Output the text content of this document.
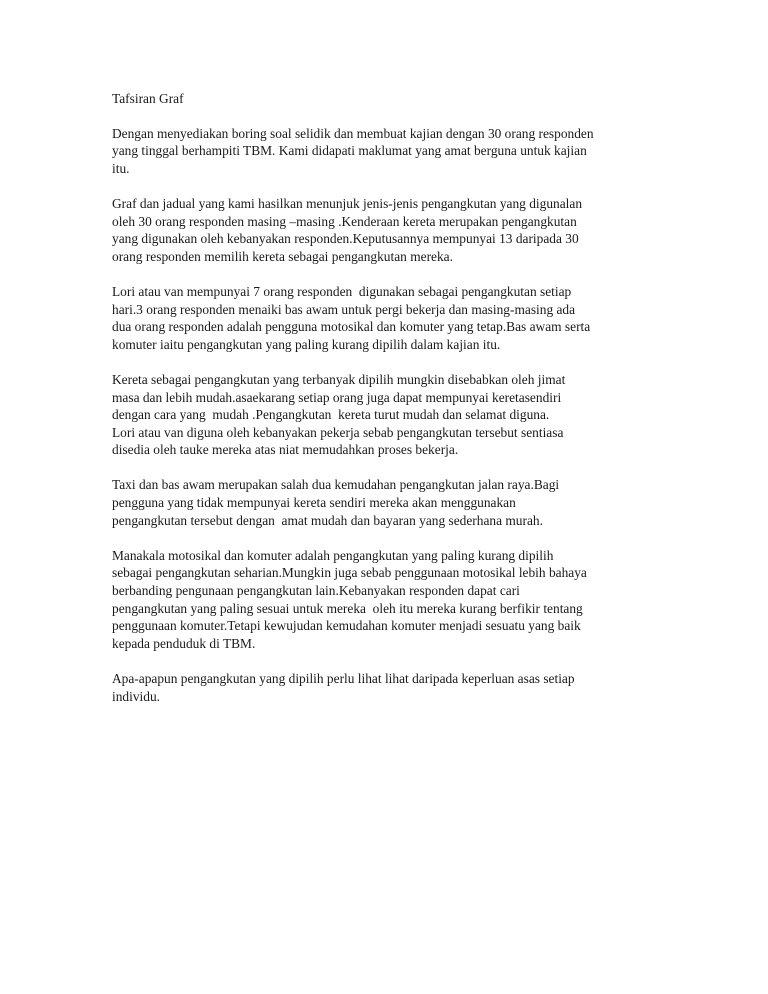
Tafsiran Graf
Dengan menyediakan boring soal selidik dan membuat kajian dengan 30 orang responden
yang tinggal berhampiti TBM. Kami didapati maklumat yang amat berguna untuk kajian
itu.
Graf dan jadual yang kami hasilkan menunjuk jenis-jenis pengangkutan yang digunalan
oleh 30 orang responden masing –masing .Kenderaan kereta merupakan pengangkutan
yang digunakan oleh kebanyakan responden.Keputusannya mempunyai 13 daripada 30
orang responden memilih kereta sebagai pengangkutan mereka.
Lori atau van mempunyai 7 orang responden  digunakan sebagai pengangkutan setiap
hari.3 orang responden menaiki bas awam untuk pergi bekerja dan masing-masing ada
dua orang responden adalah pengguna motosikal dan komuter yang tetap.Bas awam serta
komuter iaitu pengangkutan yang paling kurang dipilih dalam kajian itu.
Kereta sebagai pengangkutan yang terbanyak dipilih mungkin disebabkan oleh jimat
masa dan lebih mudah.asaekarang setiap orang juga dapat mempunyai keretasendiri
dengan cara yang  mudah .Pengangkutan  kereta turut mudah dan selamat diguna.
Lori atau van diguna oleh kebanyakan pekerja sebab pengangkutan tersebut sentiasa
disedia oleh tauke mereka atas niat memudahkan proses bekerja.
Taxi dan bas awam merupakan salah dua kemudahan pengangkutan jalan raya.Bagi
pengguna yang tidak mempunyai kereta sendiri mereka akan menggunakan
pengangkutan tersebut dengan  amat mudah dan bayaran yang sederhana murah.
Manakala motosikal dan komuter adalah pengangkutan yang paling kurang dipilih
sebagai pengangkutan seharian.Mungkin juga sebab penggunaan motosikal lebih bahaya
berbanding pengunaan pengangkutan lain.Kebanyakan responden dapat cari
pengangkutan yang paling sesuai untuk mereka  oleh itu mereka kurang berfikir tentang
penggunaan komuter.Tetapi kewujudan kemudahan komuter menjadi sesuatu yang baik
kepada penduduk di TBM.
Apa-apapun pengangkutan yang dipilih perlu lihat lihat daripada keperluan asas setiap
individu.
